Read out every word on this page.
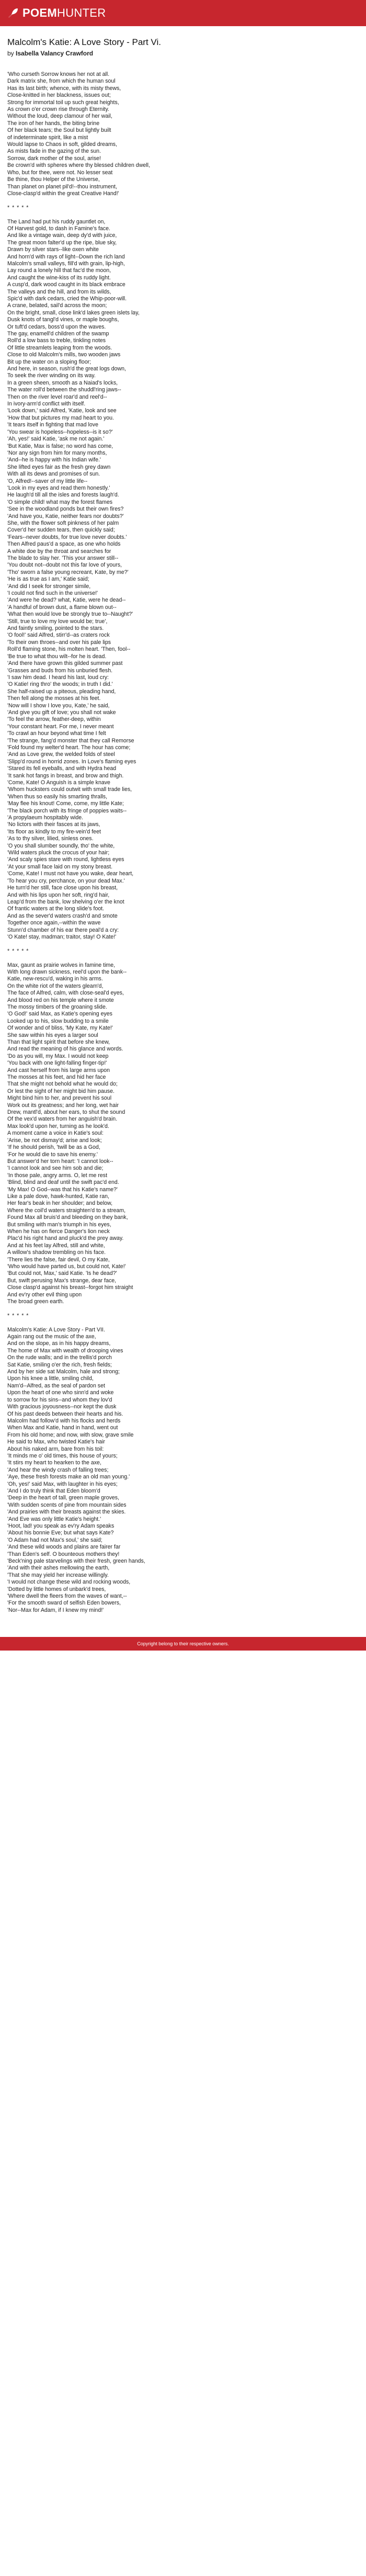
POEMHUNTER
Malcolm's Katie: A Love Story - Part Vi.
by Isabella Valancy Crawford
'Who curseth Sorrow knows her not at all.
Dark matrix she, from which the human soul
Has its last birth; whence, with its misty thews,
Close-knitted in her blackness, issues out;
Strong for immortal toil up such great heights,
As crown o'er crown rise through Eternity.
Without the loud, deep clamour of her wail,
The iron of her hands, the biting brine
Of her black tears; the Soul but lightly built
of indeterminate spirit, like a mist
Would lapse to Chaos in soft, gilded dreams,
As mists fade in the gazing of the sun.
Sorrow, dark mother of the soul, arise!
Be crown'd with spheres where thy blessed children dwell,
Who, but for thee, were not. No lesser seat
Be thine, thou Helper of the Universe,
Than planet on planet pil'd!--thou instrument,
Close-clasp'd within the great Creative Hand!'
* * * * *
The Land had put his ruddy gauntlet on,
Of Harvest gold, to dash in Famine's face.
And like a vintage wain, deep dy'd with juice,
The great moon falter'd up the ripe, blue sky,
Drawn by silver stars--like oxen white
And horn'd with rays of light--Down the rich land
Malcolm's small valleys, fill'd with grain, lip-high,
Lay round a lonely hill that fac'd the moon,
And caught the wine-kiss of its ruddy light.
A cusp'd, dark wood caught in its black embrace
The valleys and the hill, and from its wilds,
Spic'd with dark cedars, cried the Whip-poor-will.
A crane, belated, sail'd across the moon;
On the bright, small, close link'd lakes green islets lay,
Dusk knots of tangl'd vines, or maple boughs,
Or tuft'd cedars, boss'd upon the waves.
The gay, enamell'd children of the swamp
Roll'd a low bass to treble, tinkling notes
Of little streamlets leaping from the woods.
Close to old Malcolm's mills, two wooden jaws
Bit up the water on a sloping floor;
And here, in season, rush'd the great logs down,
To seek the river winding on its way.
In a green sheen, smooth as a Naiad's locks,
The water roll'd between the shuddl'ring jaws--
Then on the river level roar'd and reel'd--
In ivory-arm'd conflict with itself.
'Look down,' said Alfred, 'Katie, look and see
'How that but pictures my mad heart to you.
'It tears itself in fighting that mad love
'You swear is hopeless--hopeless--is it so?'
'Ah, yes!' said Katie, 'ask me not again.'
'But Katie, Max is false; no word has come,
'Nor any sign from him for many months,
'And--he is happy with his Indian wife.'
She lifted eyes fair as the fresh grey dawn
With all its dews and promises of sun.
'O, Alfred!--saver of my little life--
'Look in my eyes and read them honestly.'
He laugh'd till all the isles and forests laugh'd.
'O simple child! what may the forest flames
'See in the woodland ponds but their own fires?
'And have you, Katie, neither fears nor doubts?'
She, with the flower soft pinkness of her palm
Cover'd her sudden tears, then quickly said;
'Fears--never doubts, for true love never doubts.'
Then Alfred paus'd a space, as one who holds
A white doe by the throat and searches for
The blade to slay her. 'This your answer still--
'You doubt not--doubt not this far love of yours,
'Tho' sworn a false young recreant, Kate, by me?'
'He is as true as I am,' Katie said;
'And did I seek for stronger simile,
'I could not find such in the universe!'
'And were he dead? what, Katie, were he dead--
'A handful of brown dust, a flame blown out--
'What then would love be strongly true to--Naught?'
'Still, true to love my love would be; true',
And faintly smiling, pointed to the stars.
'O fool!' said Alfred, stirr'd--as craters rock
'To their own throes--and over his pale lips
Roll'd flaming stone, his molten heart. 'Then, fool--
'Be true to what thou wilt--for he is dead.
'And there have grown this gilded summer past
'Grasses and buds from his unburied flesh.
'I saw him dead. I heard his last, loud cry:
'O Katie! ring thro' the woods; in truth I did.'
She half-raised up a piteous, pleading hand,
Then fell along the mosses at his feet.
'Now will I show I love you, Kate,' he said,
'And give you gift of love; you shall not wake
'To feel the arrow, feather-deep, within
'Your constant heart. For me, I never meant
'To crawl an hour beyond what time I felt
'The strange, fang'd monster that they call Remorse
'Fold found my welter'd heart. The hour has come;
'And as Love grew, the welded folds of steel
'Slipp'd round in horrid zones. In Love's flaming eyes
'Stared its fell eyeballs, and with Hydra head
'It sank hot fangs in breast, and brow and thigh.
'Come, Kate! O Anguish is a simple knave
'Whom hucksters could outwit with small trade lies,
'When thus so easily his smarting thralls,
'May flee his knout! Come, come, my little Kate;
'The black porch with its fringe of poppies waits--
'A propylaeum hospitably wide.
'No lictors with their fasces at its jaws,
'Its floor as kindly to my fire-vein'd feet
'As to thy silver, lilied, sinless ones.
'O you shall slumber soundly, tho' the white,
'Wild waters pluck the crocus of your hair;
'And scaly spies stare with round, lightless eyes
'At your small face laid on my stony breast.
'Come, Kate! I must not have you wake, dear heart,
'To hear you cry, perchance, on your dead Max.'
He turn'd her still, face close upon his breast,
And with his lips upon her soft, ring'd hair,
Leap'd from the bank, low shelving o'er the knot
Of frantic waters at the long slide's foot.
And as the sever'd waters crash'd and smote
Together once again,--within the wave
Stunn'd chamber of his ear there peal'd a cry:
'O Kate! stay, madman; traitor, stay! O Kate!'
* * * * *
Max, gaunt as prairie wolves in famine time,
With long drawn sickness, reel'd upon the bank--
Katie, new-rescu'd, waking in his arms.
On the white riot of the waters gleam'd,
The face of Alfred, calm, with close-seal'd eyes,
And blood red on his temple where it smote
The mossy timbers of the groaning slide.
'O God!' said Max, as Katie's opening eyes
Looked up to his, slow budding to a smile
Of wonder and of bliss, 'My Kate, my Kate!'
She saw within his eyes a larger soul
Than that light spirit that before she knew,
And read the meaning of his glance and words.
'Do as you will, my Max. I would not keep
'You back with one light-falling finger-tip!'
And cast herself from his large arms upon
The mosses at his feet, and hid her face
That she might not behold what he would do;
Or lest the sight of her might bid him pause.
Might bind him to her, and prevent his soul
Work out its greatness; and her long, wet hair
Drew, mantl'd, about her ears, to shut the sound
Of the vex'd waters from her anguish'd brain.
Max look'd upon her, turning as he look'd.
A moment came a voice in Katie's soul:
'Arise, be not dismay'd; arise and look;
'If he should perish, 'twill be as a God,
'For he would die to save his enemy.'
But answer'd her torn heart: 'I cannot look--
'I cannot look and see him sob and die;
'In those pale, angry arms. O, let me rest
'Blind, blind and deaf until the swift pac'd end.
'My Max! O God--was that his Katie's name?'
Like a pale dove, hawk-hunted, Katie ran,
Her fear's beak in her shoulder; and below,
Where the coil'd waters straighten'd to a stream,
Found Max all bruis'd and bleeding on they bank,
But smiling with man's triumph in his eyes,
When he has on fierce Danger's lion neck
Plac'd his right hand and pluck'd the prey away.
And at his feet lay Alfred, still and white,
A willow's shadow trembling on his face.
'There lies the false, fair devil, O my Kate,
'Who would have parted us, but could not, Kate!'
'But could not, Max,' said Katie. 'Is he dead?'
But, swift perusing Max's strange, dear face,
Close clasp'd against his breast--forgot him straight
And ev'ry other evil thing upon
The broad green earth.
* * * * *
Malcolm's Katie: A Love Story - Part VII.
Again rang out the music of the axe,
And on the slope, as in his happy dreams,
The home of Max with wealth of drooping vines
On the rude walls; and in the trellis'd porch
Sat Katie, smiling o'er the rich, fresh fields;
And by her side sat Malcolm, hale and strong;
Upon his knee a little, smiling child,
Nam'd--Alfred, as the seal of pardon set
Upon the heart of one who sinn'd and woke
to sorrow for his sins--and whom they lov'd
With gracious joyousness--nor kept the dusk
Of his past deeds between their hearts and his.
Malcolm had follow'd with his flocks and herds
When Max and Katie, hand in hand, went out
From his old home; and now, with slow, grave smile
He said to Max, who twisted Katie's hair
About his naked arm, bare from his toil:
'It minds me o' old times, this house of yours;
'It stirs my heart to hearken to the axe,
'And hear the windy crash of falling trees;
'Aye, these fresh forests make an old man young.'
'Oh, yes!' said Max, with laughter in his eyes;
'And I do truly think that Eden bloom'd
'Deep in the heart of tall, green maple groves,
'With sudden scents of pine from mountain sides
'And prairies with their breasts against the skies.
'And Eve was only little Katie's height.'
'Hoot, lad! you speak as ev'ry Adam speaks
'About his bonnie Eve; but what says Kate?
'O Adam had not Max's soul,' she said;
'And these wild woods and plains are fairer far
'Than Eden's self. O bounteous mothers they!
'Beck'ning pale starvelings with their fresh, green hands,
'And with their ashes mellowing the earth,
'That she may yield her increase willingly.
'I would not change these wild and rocking woods,
'Dotted by little homes of unbark'd trees,
'Where dwell the fleers from the waves of want,--
'For the smooth sward of selfish Eden bowers,
'Nor--Max for Adam, if I knew my mind!'
Copyright belong to their respective owners.
